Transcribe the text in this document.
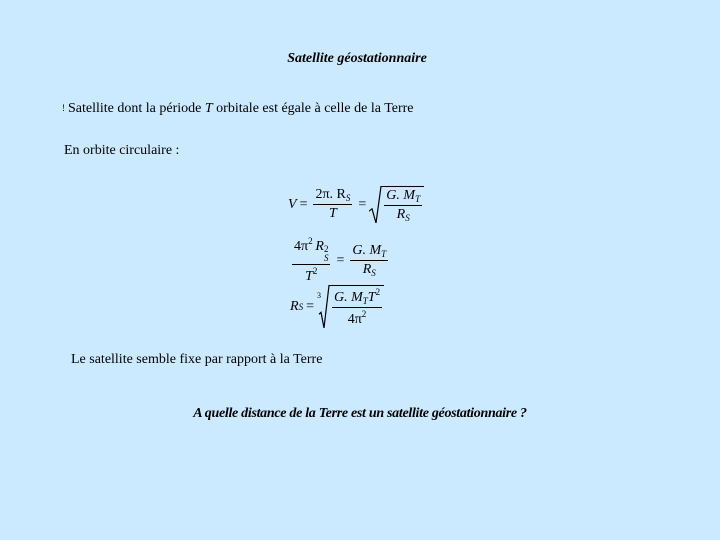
Satellite géostationnaire
! Satellite dont la période T orbitale est égale à celle de la Terre
En orbite circulaire :
$V = \frac{2\pi. R_S}{T} = \frac{G. M_T}{R_S}$
$4\pi^2$  R 2
S
$T^2 = \frac{G. M_T}{R_S}$
R S =
$3 \frac{G. M_TT^2}{4\pi^2}$
Le satellite semble fixe par rapport à la Terre
A quelle distance de la Terre est un satellite géostationnaire ?
